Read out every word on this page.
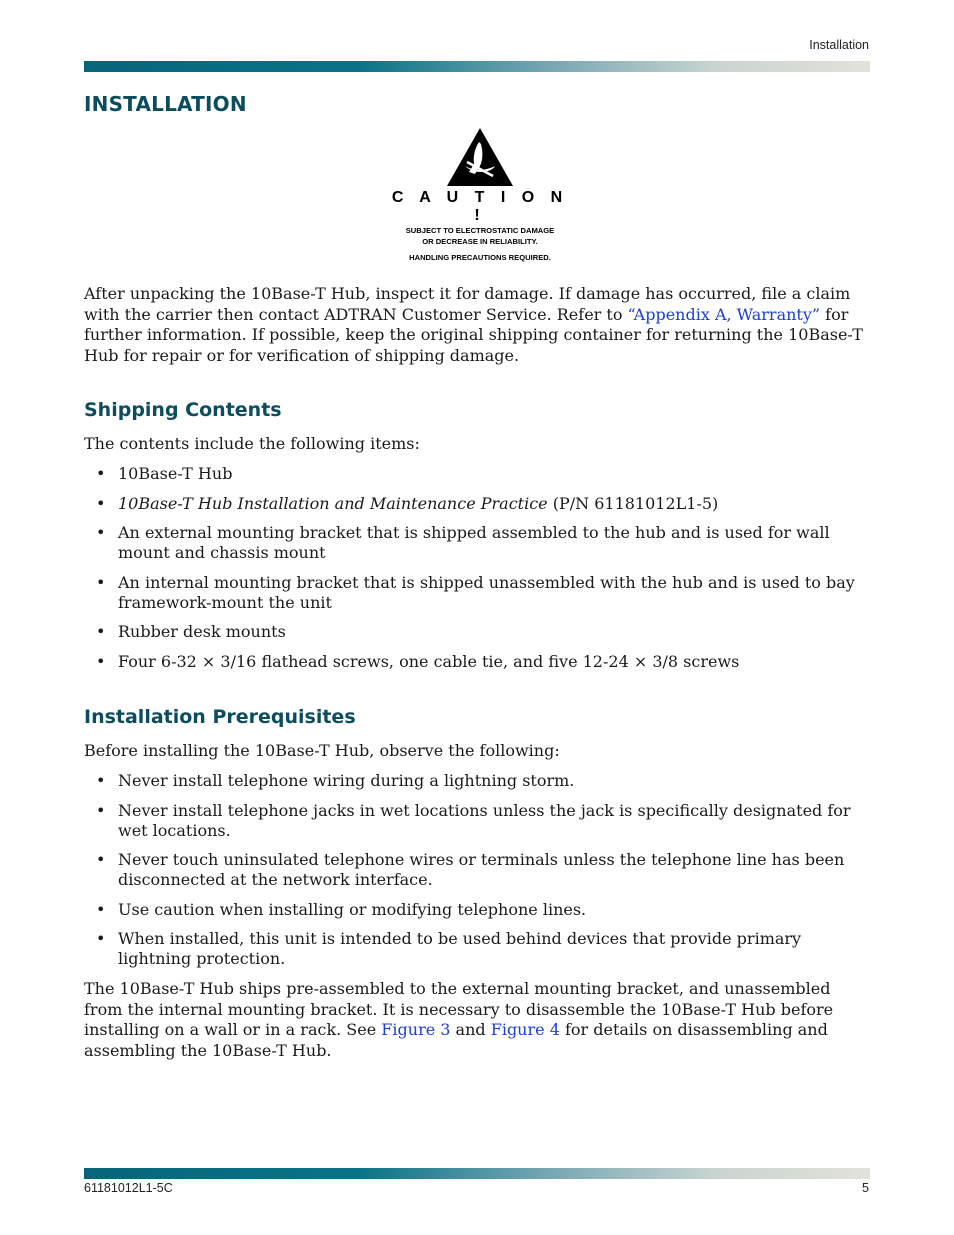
Installation
INSTALLATION
C A U T I O N !
SUBJECT TO ELECTROSTATIC DAMAGE
OR DECREASE IN RELIABILITY.
HANDLING PRECAUTIONS REQUIRED.

After unpacking the 10Base-T Hub, inspect it for damage. If damage has occurred, file a claim with the carrier then contact ADTRAN Customer Service. Refer to “Appendix A, Warranty” for further information. If possible, keep the original shipping container for returning the 10Base-T Hub for repair or for verification of shipping damage.

Shipping Contents

The contents include the following items:

• 10Base-T Hub
• 10Base-T Hub Installation and Maintenance Practice (P/N 61181012L1-5)
• An external mounting bracket that is shipped assembled to the hub and is used for wall mount and chassis mount
• An internal mounting bracket that is shipped unassembled with the hub and is used to bay framework-mount the unit
• Rubber desk mounts
• Four 6-32 × 3/16 flathead screws, one cable tie, and five 12-24 × 3/8 screws
Installation Prerequisites

Before installing the 10Base-T Hub, observe the following:

• Never install telephone wiring during a lightning storm.
• Never install telephone jacks in wet locations unless the jack is specifically designated for wet locations.
• Never touch uninsulated telephone wires or terminals unless the telephone line has been disconnected at the network interface.
• Use caution when installing or modifying telephone lines.
• When installed, this unit is intended to be used behind devices that provide primary lightning protection.

The 10Base-T Hub ships pre-assembled to the external mounting bracket, and unassembled from the internal mounting bracket. It is necessary to disassemble the 10Base-T Hub before installing on a wall or in a rack. See Figure 3 and Figure 4 for details on disassembling and assembling the 10Base-T Hub.

61181012L1-5C	5
